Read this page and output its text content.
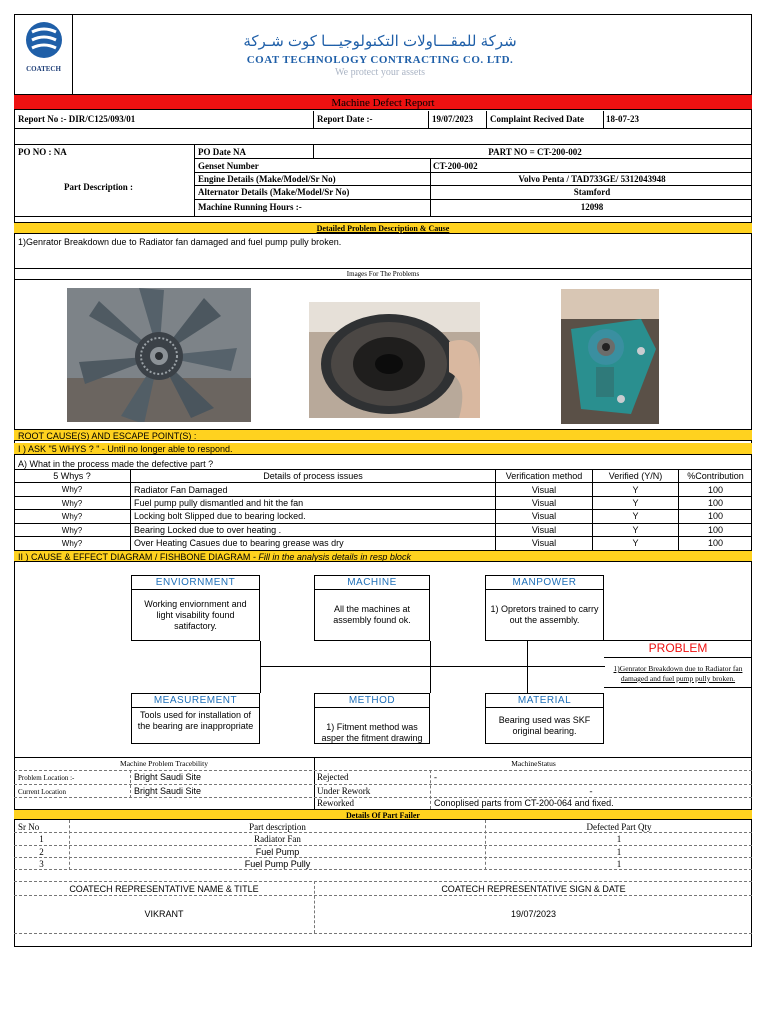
COATECH
شركة للمقـــاولات التكنولوجيـــا كوت شـركة
COAT TECHNOLOGY CONTRACTING CO. LTD.
We protect your assets
Machine Defect Report
Report No :- DIR/C125/093/01	Report Date :-	19/07/2023	Complaint Recived Date	18-07-23
PO NO : NA	PO Date NA	PART NO = CT-200-002
Part Description :
Genset Number	CT-200-002
Engine Details (Make/Model/Sr No)	Volvo Penta / TAD733GE/ 5312043948
Alternator Details (Make/Model/Sr No)	Stamford
Machine Running Hours :-	12098
Detailed Problem Description & Cause
1)Genrator Breakdown due to Radiator fan damaged and fuel pump pully broken.
Images For The Problems
ROOT CAUSE(S) AND ESCAPE POINT(S) :
I ) ASK "5 WHYS ? " - Until no longer able to respond.
A) What in the process made the defective part ?
5 Whys ?	Details of process issues	Verification method	Verified (Y/N)	%Contribution
Why?	Radiator Fan Damaged	Visual	Y	100
Why?	Fuel pump pully dismantled and hit the fan	Visual	Y	100
Why?	Locking bolt Slipped due to bearing locked.	Visual	Y	100
Why?	Bearing Locked due to over heating .	Visual	Y	100
Why?	Over Heating Casues due to bearing grease was dry	Visual	Y	100
II ) CAUSE & EFFECT DIAGRAM / FISHBONE DIAGRAM - Fill in the analysis details in resp block
ENVIORNMENT
Working enviornment and light visability found satifactory.
MACHINE
All the machines at assembly found ok.
MANPOWER
1) Opretors trained to carry out the assembly.
MEASUREMENT
Tools used for installation of the bearing are inappropriate
METHOD
1) Fitment method was asper the fitment drawing
MATERIAL
Bearing used was SKF original bearing.
PROBLEM
1)Genrator Breakdown due to Radiator fan damaged and fuel pump pully broken.
Machine Problem Tracebility	MachineStatus
Problem Location :-	Bright Saudi Site	Rejected	-
Current Location	Bright Saudi Site	Under Rework	-
Reworked	Conoplised parts from CT-200-064 and fixed.
Details Of Part Failer
Sr No	Part description	Defected Part Qty
1	Radiator Fan	1
2	Fuel Pump	1
3	Fuel Pump Pully	1
COATECH REPRESENTATIVE NAME & TITLE	COATECH REPRESENTATIVE SIGN & DATE
VIKRANT	19/07/2023
